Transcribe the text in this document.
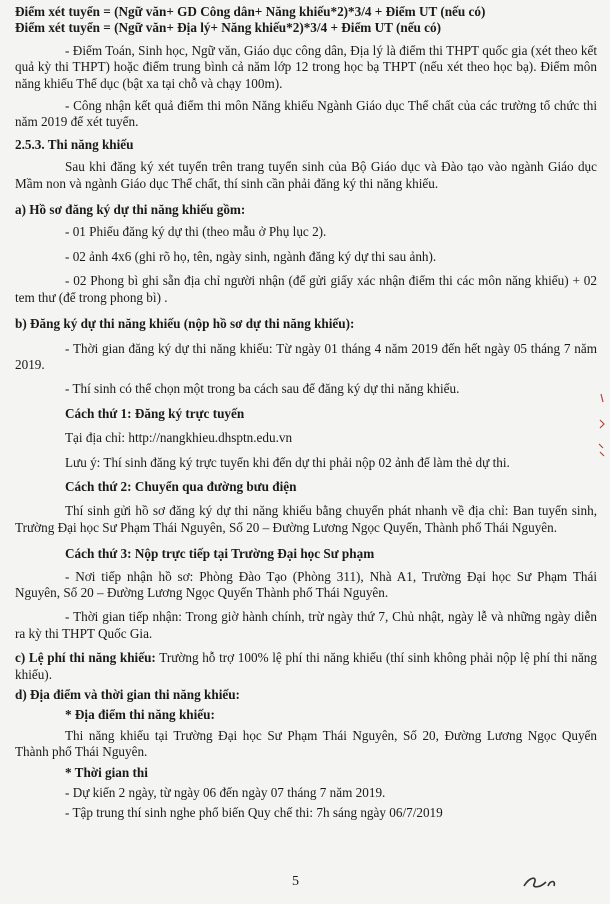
Điểm xét tuyển = (Ngữ văn+ GD Công dân+ Năng khiếu*2)*3/4 + Điểm UT (nếu có)

Điểm xét tuyển = (Ngữ văn+ Địa lý+ Năng khiếu*2)*3/4 + Điểm UT (nếu có)

- Điểm Toán, Sinh học, Ngữ văn, Giáo dục công dân, Địa lý là điểm thi THPT quốc gia (xét theo kết quả kỳ thi THPT) hoặc điểm trung bình cả năm lớp 12 trong học bạ THPT (nếu xét theo học bạ). Điểm môn năng khiếu Thể dục (bật xa tại chỗ và chạy 100m).

- Công nhận kết quả điểm thi môn Năng khiếu Ngành Giáo dục Thể chất của các trường tổ chức thi năm 2019 để xét tuyển.

2.5.3. Thi năng khiếu

Sau khi đăng ký xét tuyển trên trang tuyển sinh của Bộ Giáo dục và Đào tạo vào ngành Giáo dục Mầm non và ngành Giáo dục Thể chất, thí sinh cần phải đăng ký thi năng khiếu.

a) Hồ sơ đăng ký dự thi năng khiếu gồm:

- 01 Phiếu đăng ký dự thi (theo mẫu ở Phụ lục 2).

- 02 ảnh 4x6 (ghi rõ họ, tên, ngày sinh, ngành đăng ký dự thi sau ảnh).

- 02 Phong bì ghi sẵn địa chỉ người nhận (để gửi giấy xác nhận điểm thi các môn năng khiếu) + 02 tem thư (để trong phong bì) .

b) Đăng ký dự thi năng khiếu (nộp hồ sơ dự thi năng khiếu):

- Thời gian đăng ký dự thi năng khiếu: Từ ngày 01 tháng 4 năm 2019 đến hết ngày 05 tháng 7 năm 2019.

- Thí sinh có thể chọn một trong ba cách sau để đăng ký dự thi năng khiếu.

Cách thứ 1: Đăng ký trực tuyến

Tại địa chỉ: http://nangkhieu.dhsptn.edu.vn

Lưu ý: Thí sinh đăng ký trực tuyến khi đến dự thi phải nộp 02 ảnh để làm thẻ dự thi.

Cách thứ 2: Chuyển qua đường bưu điện

Thí sinh gửi hồ sơ đăng ký dự thi năng khiếu bằng chuyển phát nhanh về địa chỉ: Ban tuyển sinh, Trường Đại học Sư Phạm Thái Nguyên, Số 20 – Đường Lương Ngọc Quyến, Thành phố Thái Nguyên.

Cách thứ 3: Nộp trực tiếp tại Trường Đại học Sư phạm

- Nơi tiếp nhận hồ sơ: Phòng Đào Tạo (Phòng 311), Nhà A1, Trường Đại học Sư Phạm Thái Nguyên, Số 20 – Đường Lương Ngọc Quyến Thành phố Thái Nguyên.

- Thời gian tiếp nhận: Trong giờ hành chính, trừ ngày thứ 7, Chủ nhật, ngày lễ và những ngày diễn ra kỳ thi THPT Quốc Gia.

c) Lệ phí thi năng khiếu: Trường hỗ trợ 100% lệ phí thi năng khiếu (thí sinh không phải nộp lệ phí thi năng khiếu).

d) Địa điểm và thời gian thi năng khiếu:

* Địa điểm thi năng khiếu:

Thi năng khiếu tại Trường Đại học Sư Phạm Thái Nguyên, Số 20, Đường Lương Ngọc Quyến Thành phố Thái Nguyên.

* Thời gian thi

- Dự kiến 2 ngày, từ ngày 06 đến ngày 07 tháng 7 năm 2019.

- Tập trung thí sinh nghe phổ biến Quy chế thi: 7h sáng ngày 06/7/2019

5
